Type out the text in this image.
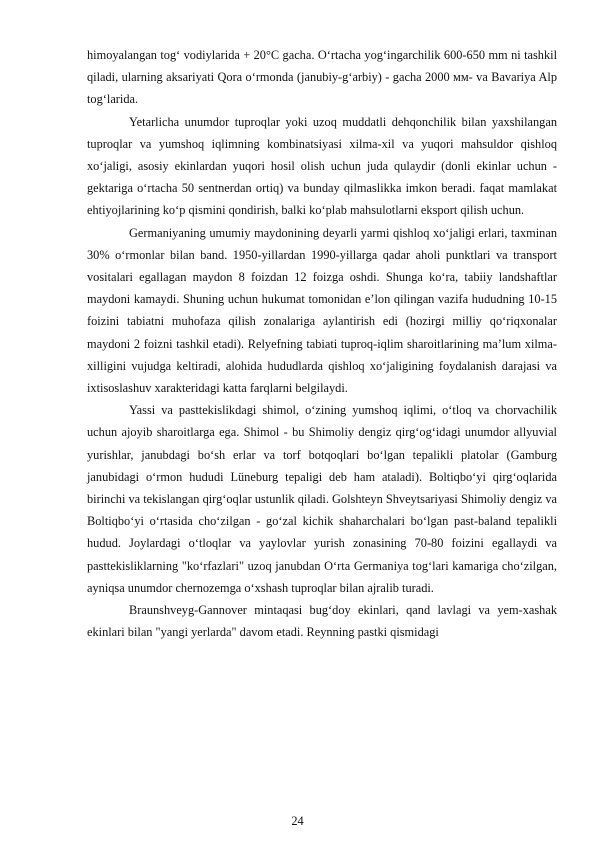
himoyalangan tog‘ vodiylarida + 20°C gacha. O‘rtacha yog‘ingarchilik 600-650 mm ni tashkil qiladi, ularning aksariyati Qora o‘rmonda (janubiy-g‘arbiy) - gacha 2000 мм- va Bavariya Alp tog‘larida.

Yetarlicha unumdor tuproqlar yoki uzoq muddatli dehqonchilik bilan yaxshilangan tuproqlar va yumshoq iqlimning kombinatsiyasi xilma-xil va yuqori mahsuldor qishloq xo‘jaligi, asosiy ekinlardan yuqori hosil olish uchun juda qulaydir (donli ekinlar uchun - gektariga o‘rtacha 50 sentnerdan ortiq) va bunday qilmaslikka imkon beradi. faqat mamlakat ehtiyojlarining ko‘p qismini qondirish, balki ko‘plab mahsulotlarni eksport qilish uchun.

Germaniyaning umumiy maydonining deyarli yarmi qishloq xo‘jaligi erlari, taxminan 30% o‘rmonlar bilan band. 1950-yillardan 1990-yillarga qadar aholi punktlari va transport vositalari egallagan maydon 8 foizdan 12 foizga oshdi. Shunga ko‘ra, tabiiy landshaftlar maydoni kamaydi. Shuning uchun hukumat tomonidan e’lon qilingan vazifa hududning 10-15 foizini tabiatni muhofaza qilish zonalariga aylantirish edi (hozirgi milliy qo‘riqxonalar maydoni 2 foizni tashkil etadi). Relyefning tabiati tuproq-iqlim sharoitlarining ma’lum xilma-xilligini vujudga keltiradi, alohida hududlarda qishloq xo‘jaligining foydalanish darajasi va ixtisoslashuv xarakteridagi katta farqlarni belgilaydi.

Yassi va pasttekislikdagi shimol, o‘zining yumshoq iqlimi, o‘tloq va chorvachilik uchun ajoyib sharoitlarga ega. Shimol - bu Shimoliy dengiz qirg‘og‘idagi unumdor allyuvial yurishlar, janubdagi bo‘sh erlar va torf botqoqlari bo‘lgan tepalikli platolar (Gamburg janubidagi o‘rmon hududi Lüneburg tepaligi deb ham ataladi). Boltiqbo‘yi qirg‘oqlarida birinchi va tekislangan qirg‘oqlar ustunlik qiladi. Golshteyn Shveytsariyasi Shimoliy dengiz va Boltiqbo‘yi o‘rtasida cho‘zilgan - go‘zal kichik shaharchalari bo‘lgan past-baland tepalikli hudud. Joylardagi o‘tloqlar va yaylovlar yurish zonasining 70-80 foizini egallaydi va pasttekisliklarning "ko‘rfazlari" uzoq janubdan O‘rta Germaniya tog‘lari kamariga cho‘zilgan, ayniqsa unumdor chernozemga o‘xshash tuproqlar bilan ajralib turadi.

Braunshveyg-Gannover mintaqasi bug‘doy ekinlari, qand lavlagi va yem-xashak ekinlari bilan "yangi yerlarda" davom etadi. Reynning pastki qismidagi

24
